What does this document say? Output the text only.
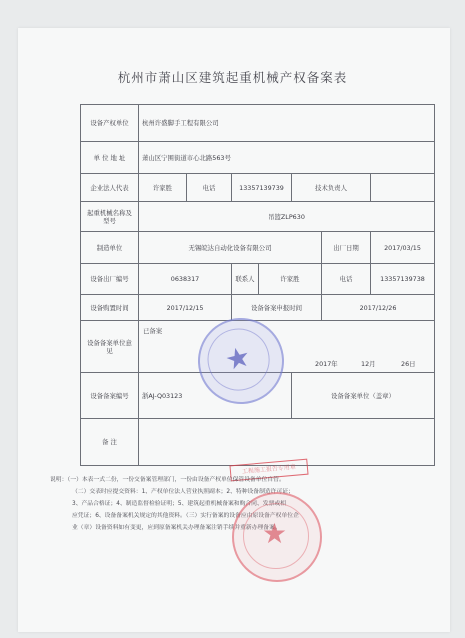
杭州市萧山区建筑起重机械产权备案表
设备产权单位	杭州许盛脚手工程有限公司						
单 位 地 址	萧山区宁围街道市心北路563号						
企业法人代表	许家胜	电话	13357139739		技术负责人		
起重机械名称及型号	吊篮ZLP630						
制造单位	无锡皖达自动化设备有限公司					出厂日期	2017/03/15
设备出厂编号	0638317		联系人	许家胜		电话	13357139738
设备购置时间	2017/12/15		设备备案申报时间			2017/12/26	
设备备案单位意见	已备案
2017年 12月 26日						

设备备案编号	浙AJ-Q03123				设备备案单位（盖章）		
备 注							
★
工程施工报告专用章
说明：（一）本表一式二份，一份交备案管理部门，一份由设备产权单位保管设备单位自管。
（二）交表时应提交资料：1、产权单位法人营业执照副本；2、特种设备制造许可证；
3、产品合格证；4、制造监督检验证明；5、建筑起重机械备案和购合同、发票或相
应凭证；6、设备备案机关规定的其他资料。（三）实行备案的设备应由原设备产权单位企
业（章）设备资料如有变更，应到原备案机关办理备案注销手续并重新办理备案。
★
